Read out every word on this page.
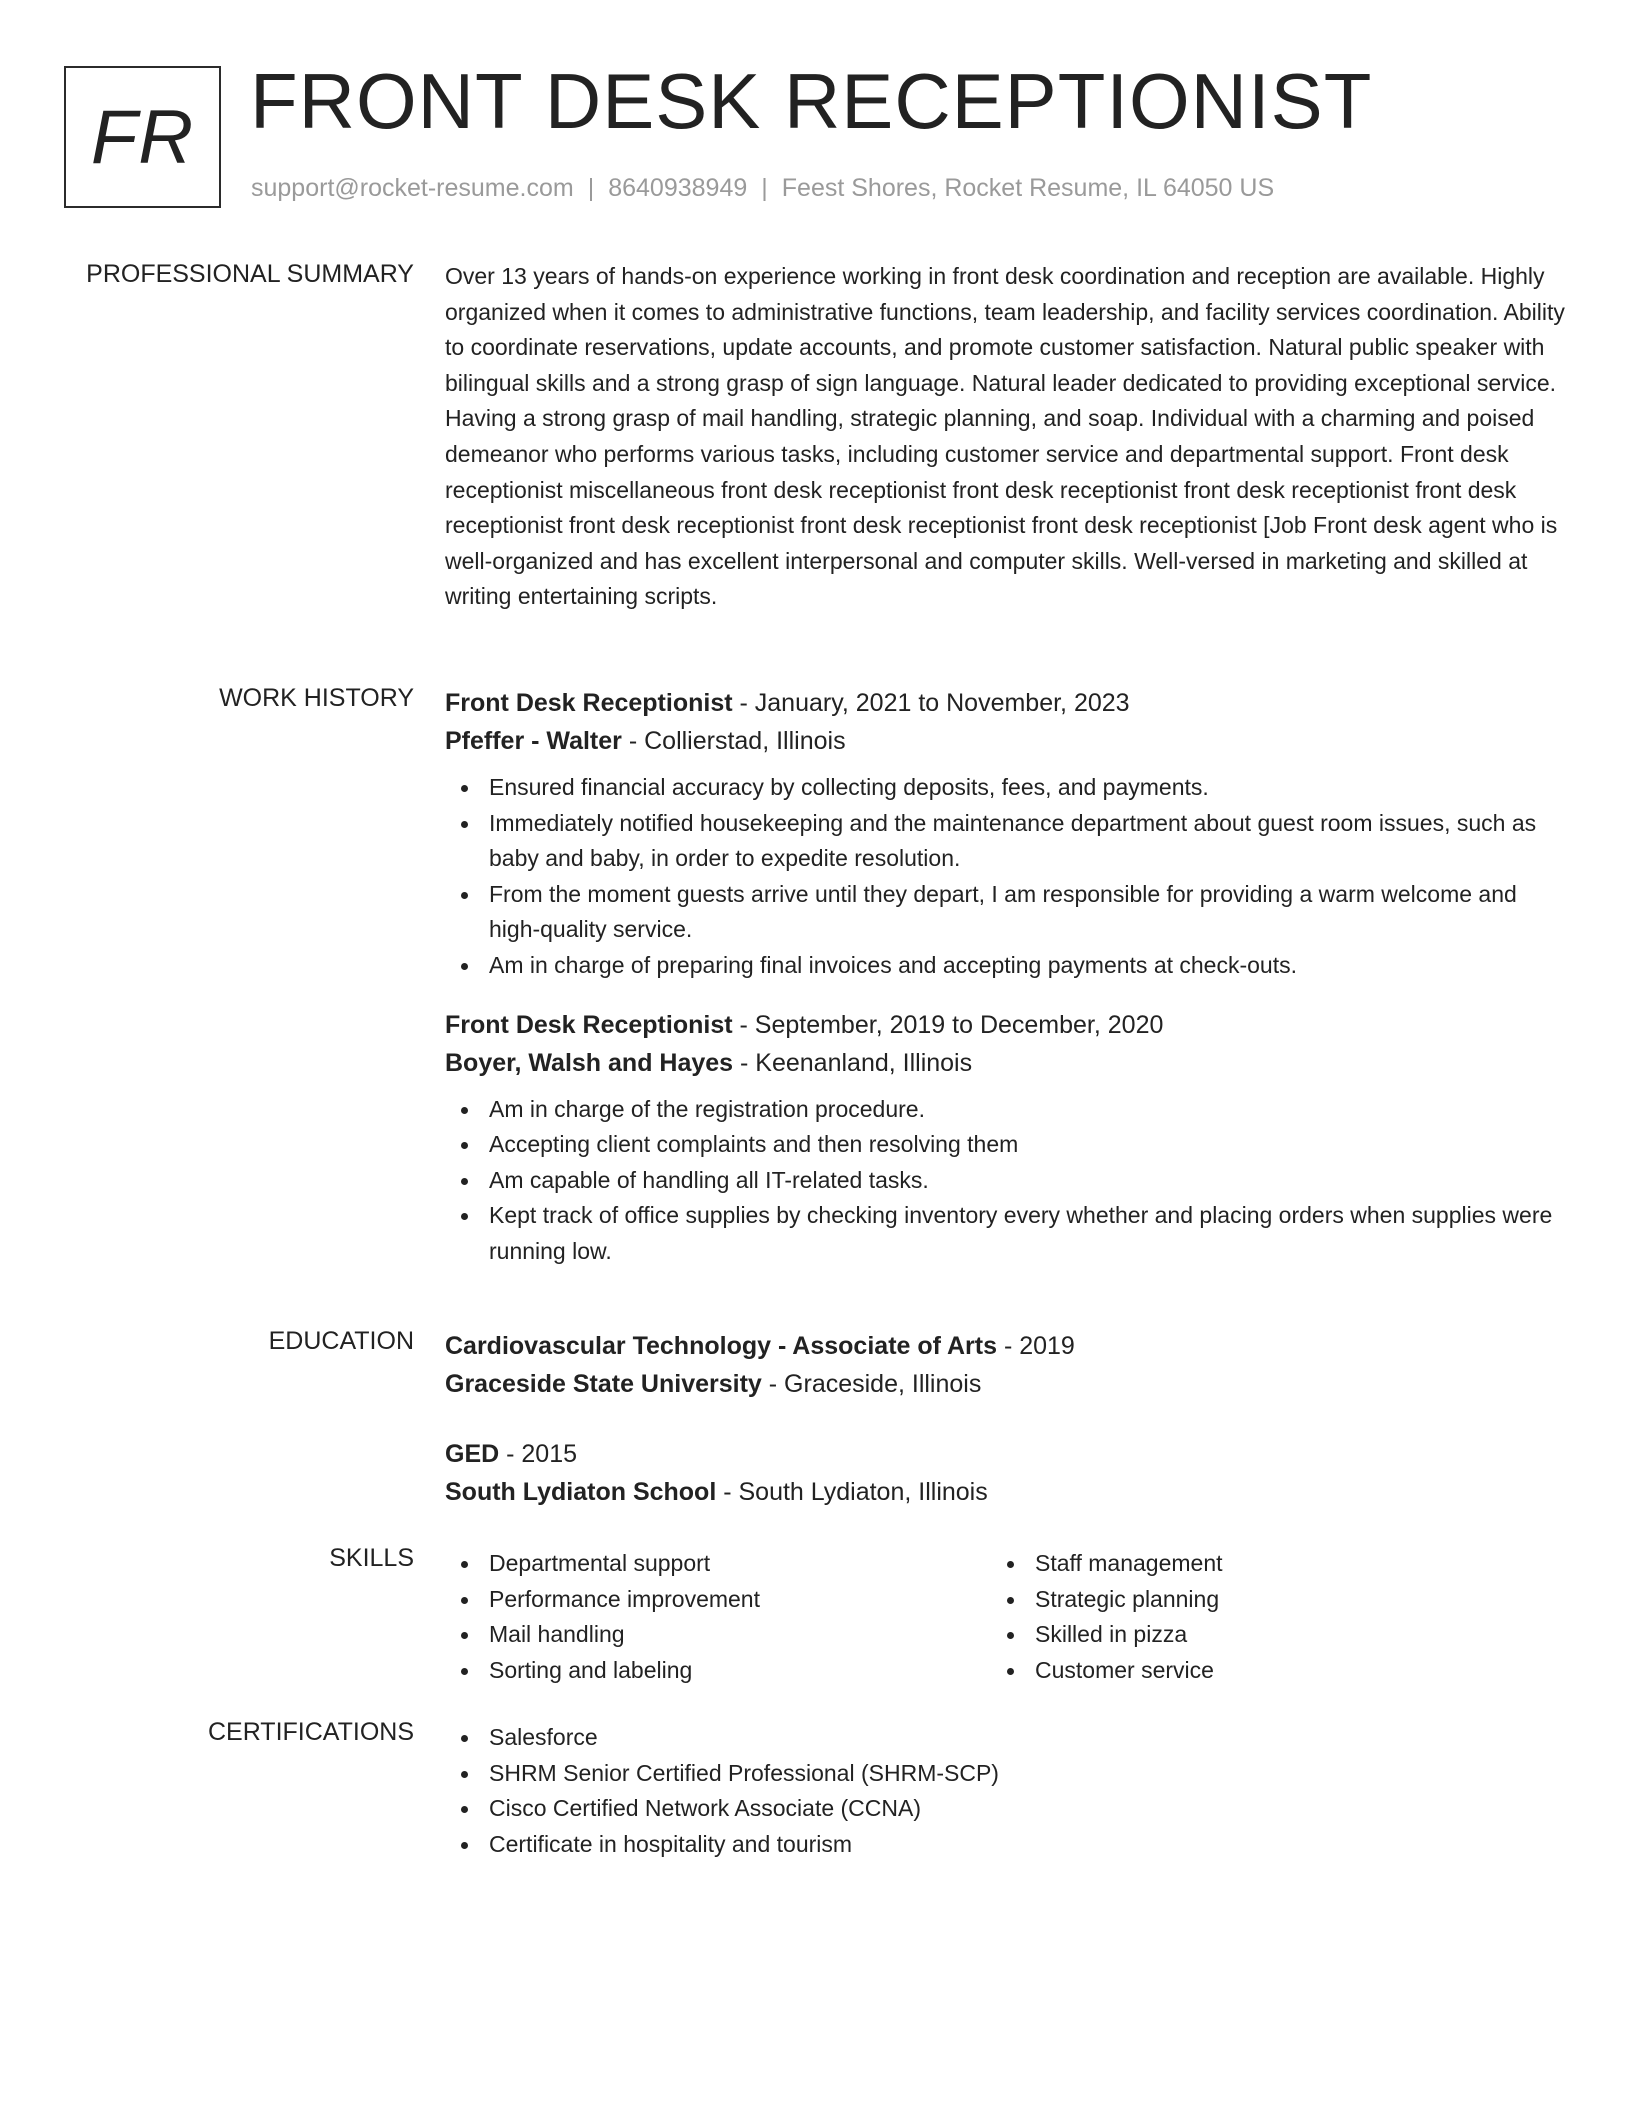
FR FRONT DESK RECEPTIONIST
support@rocket-resume.com | 8640938949 | Feest Shores, Rocket Resume, IL 64050 US
PROFESSIONAL SUMMARY Over 13 years of hands-on experience working in front desk coordination and reception are available. Highly organized when it comes to administrative functions, team leadership, and facility services coordination. Ability to coordinate reservations, update accounts, and promote customer satisfaction. Natural public speaker with bilingual skills and a strong grasp of sign language. Natural leader dedicated to providing exceptional service. Having a strong grasp of mail handling, strategic planning, and soap. Individual with a charming and poised demeanor who performs various tasks, including customer service and departmental support. Front desk receptionist miscellaneous front desk receptionist front desk receptionist front desk receptionist front desk receptionist front desk receptionist front desk receptionist front desk receptionist [Job Front desk agent who is well-organized and has excellent interpersonal and computer skills. Well-versed in marketing and skilled at writing entertaining scripts.
WORK HISTORY Front Desk Receptionist - January, 2021 to November, 2023
Pfeffer - Walter - Collierstad, Illinois
Ensured financial accuracy by collecting deposits, fees, and payments.
Immediately notified housekeeping and the maintenance department about guest room issues, such as baby and baby, in order to expedite resolution.
From the moment guests arrive until they depart, I am responsible for providing a warm welcome and high-quality service.
Am in charge of preparing final invoices and accepting payments at check-outs.
Front Desk Receptionist - September, 2019 to December, 2020
Boyer, Walsh and Hayes - Keenanland, Illinois
Am in charge of the registration procedure.
Accepting client complaints and then resolving them
Am capable of handling all IT-related tasks.
Kept track of office supplies by checking inventory every whether and placing orders when supplies were running low.
EDUCATION Cardiovascular Technology - Associate of Arts - 2019
Graceside State University - Graceside, Illinois
GED - 2015
South Lydiaton School - South Lydiaton, Illinois
SKILLS	Departmental support
Performance improvement
Mail handling
Sorting and labeling
Staff management
Strategic planning
Skilled in pizza
Customer service
CERTIFICATIONS	Salesforce
SHRM Senior Certified Professional (SHRM-SCP)
Cisco Certified Network Associate (CCNA)
Certificate in hospitality and tourism
